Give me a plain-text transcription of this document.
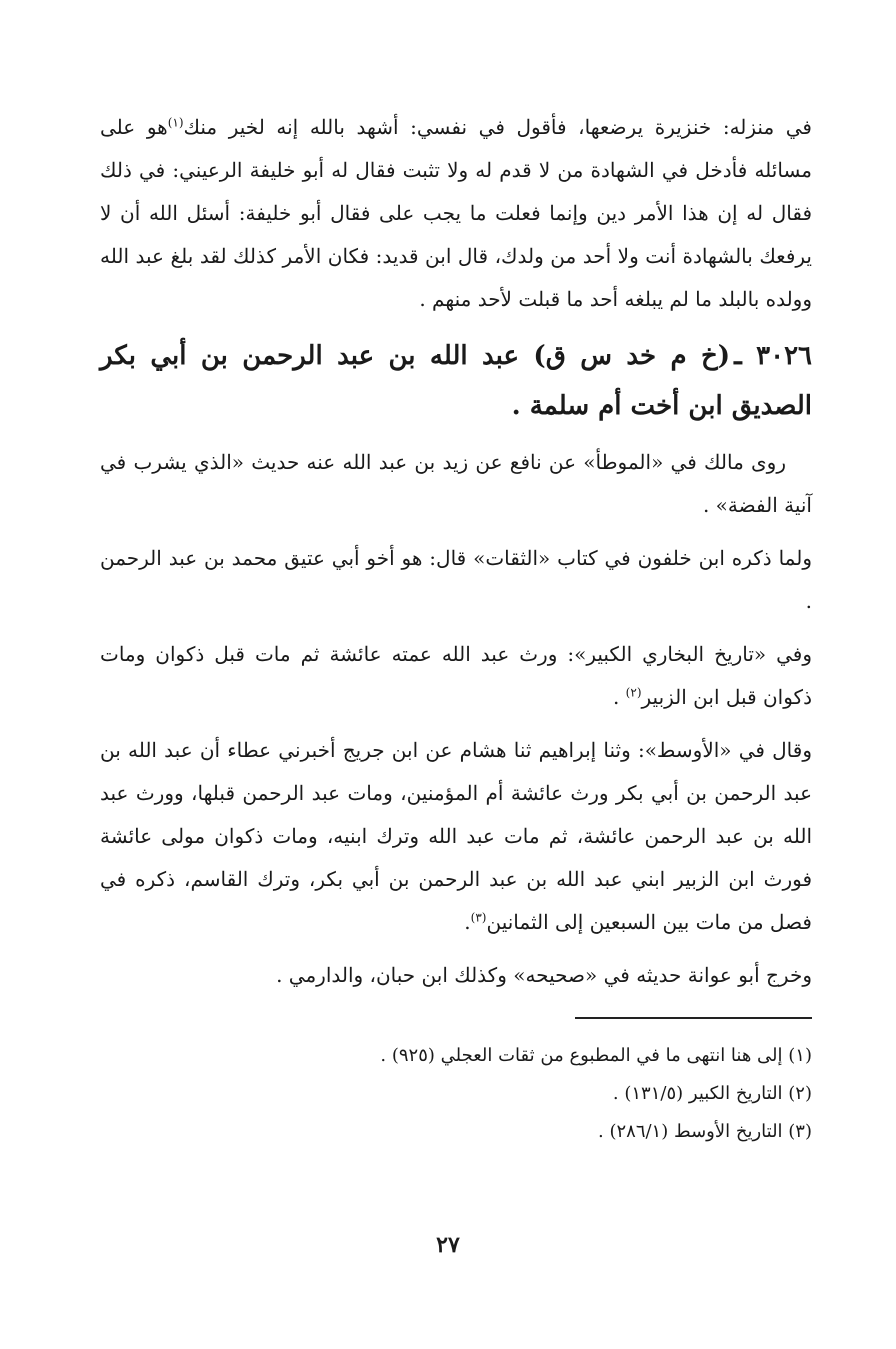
في منزله: خنزيرة يرضعها، فأقول في نفسي: أشهد بالله إنه لخير منك$^{(١)}$هو على مسائله فأدخل في الشهادة من لا قدم له ولا تثبت فقال له أبو خليفة الرعيني: في ذلك فقال له إن هذا الأمر دين وإنما فعلت ما يجب على فقال أبو خليفة: أسئل الله أن لا يرفعك بالشهادة أنت ولا أحد من ولدك، قال ابن قديد: فكان الأمر كذلك لقد بلغ عبد الله وولده بالبلد ما لم يبلغه أحد ما قبلت لأحد منهم .

٣٠٢٦ ـ(خ م خد س ق) عبد الله بن عبد الرحمن بن أبي بكر الصديق ابن أخت أم سلمة .

روى مالك في «الموطأ» عن نافع عن زيد بن عبد الله عنه حديث «الذي يشرب في آنية الفضة» .

ولما ذكره ابن خلفون في كتاب «الثقات» قال: هو أخو أبي عتيق محمد بن عبد الرحمن .

وفي «تاريخ البخاري الكبير»: ورث عبد الله عمته عائشة ثم مات قبل ذكوان ومات ذكوان قبل ابن الزبير$^{(٢)}$ .

وقال في «الأوسط»: وثنا إبراهيم ثنا هشام عن ابن جريج أخبرني عطاء أن عبد الله بن عبد الرحمن بن أبي بكر ورث عائشة أم المؤمنين، ومات عبد الرحمن قبلها، وورث عبد الله بن عبد الرحمن عائشة، ثم مات عبد الله وترك ابنيه، ومات ذكوان مولى عائشة فورث ابن الزبير ابني عبد الله بن عبد الرحمن بن أبي بكر، وترك القاسم، ذكره في فصل من مات بين السبعين إلى الثمانين$^{(٣)}$.

وخرج أبو عوانة حديثه في «صحيحه» وكذلك ابن حبان، والدارمي .

(١) إلى هنا انتهى ما في المطبوع من ثقات العجلي (٩٢٥) .

(٢) التاريخ الكبير (١٣١/٥) .

(٣) التاريخ الأوسط (٢٨٦/١) .

٢٧
